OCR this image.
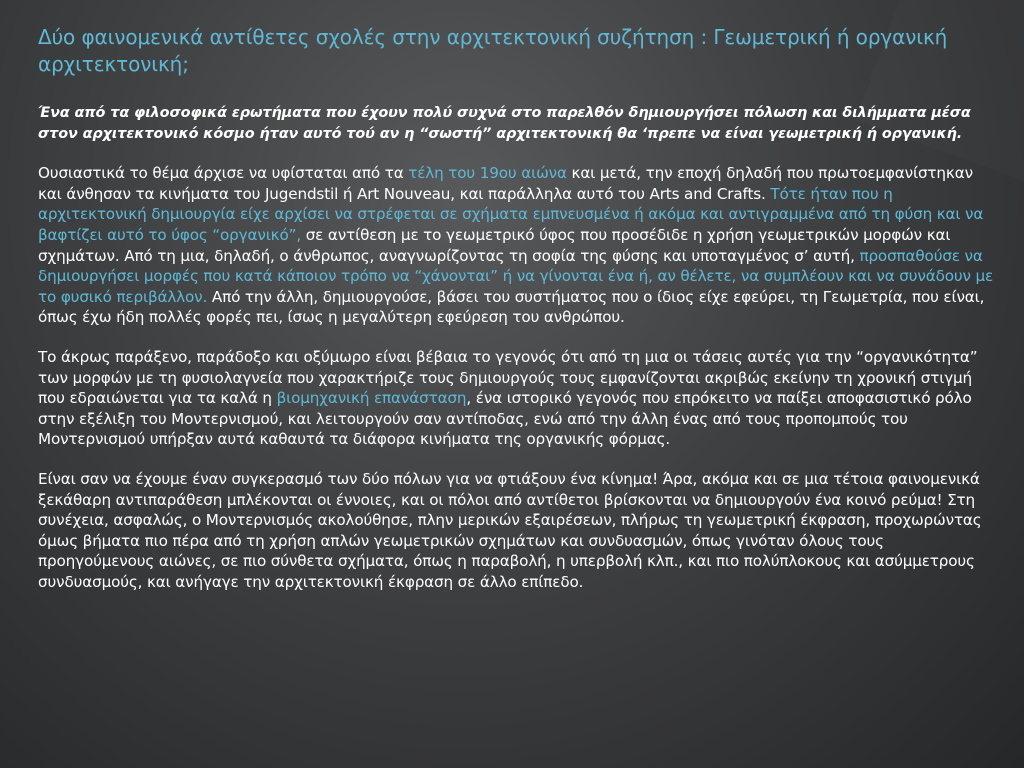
Δύο φαινομενικά αντίθετες σχολές στην αρχιτεκτονική συζήτηση : Γεωμετρική ή οργανική αρχιτεκτονική;

Ένα από τα φιλοσοφικά ερωτήματα που έχουν πολύ συχνά στο παρελθόν δημιουργήσει πόλωση και διλήμματα μέσα στον αρχιτεκτονικό κόσμο ήταν αυτό τού αν η “σωστή” αρχιτεκτονική θα ‘πρεπε να είναι γεωμετρική ή οργανική.

Ουσιαστικά το θέμα άρχισε να υφίσταται από τα τέλη του 19ου αιώνα και μετά, την εποχή δηλαδή που πρωτοεμφανίστηκαν και άνθησαν τα κινήματα του Jugendstil ή Art Nouveau, και παράλληλα αυτό του Arts and Crafts. Τότε ήταν που η αρχιτεκτονική δημιουργία είχε αρχίσει να στρέφεται σε σχήματα εμπνευσμένα ή ακόμα και αντιγραμμένα από τη φύση και να βαφτίζει αυτό το ύφος “οργανικό”, σε αντίθεση με το γεωμετρικό ύφος που προσέδιδε η χρήση γεωμετρικών μορφών και σχημάτων. Από τη μια, δηλαδή, ο άνθρωπος, αναγνωρίζοντας τη σοφία της φύσης και υποταγμένος σ’ αυτή, προσπαθούσε να δημιουργήσει μορφές που κατά κάποιον τρόπο να “χάνονται” ή να γίνονται ένα ή, αν θέλετε, να συμπλέουν και να συνάδουν με το φυσικό περιβάλλον. Από την άλλη, δημιουργούσε, βάσει του συστήματος που ο ίδιος είχε εφεύρει, τη Γεωμετρία, που είναι, όπως έχω ήδη πολλές φορές πει, ίσως η μεγαλύτερη εφεύρεση του ανθρώπου.

Το άκρως παράξενο, παράδοξο και οξύμωρο είναι βέβαια το γεγονός ότι από τη μια οι τάσεις αυτές για την “οργανικότητα” των μορφών με τη φυσιολαγνεία που χαρακτήριζε τους δημιουργούς τους εμφανίζονται ακριβώς εκείνην τη χρονική στιγμή που εδραιώνεται για τα καλά η βιομηχανική επανάσταση, ένα ιστορικό γεγονός που επρόκειτο να παίξει αποφασιστικό ρόλο στην εξέλιξη του Μοντερνισμού, και λειτουργούν σαν αντίποδας, ενώ από την άλλη ένας από τους προπομπούς του Μοντερνισμού υπήρξαν αυτά καθαυτά τα διάφορα κινήματα της οργανικής φόρμας.

Είναι σαν να έχουμε έναν συγκερασμό των δύο πόλων για να φτιάξουν ένα κίνημα! Άρα, ακόμα και σε μια τέτοια φαινομενικά ξεκάθαρη αντιπαράθεση μπλέκονται οι έννοιες, και οι πόλοι από αντίθετοι βρίσκονται να δημιουργούν ένα κοινό ρεύμα! Στη συνέχεια, ασφαλώς, ο Μοντερνισμός ακολούθησε, πλην μερικών εξαιρέσεων, πλήρως τη γεωμετρική έκφραση, προχωρώντας όμως βήματα πιο πέρα από τη χρήση απλών γεωμετρικών σχημάτων και συνδυασμών, όπως γινόταν όλους τους προηγούμενους αιώνες, σε πιο σύνθετα σχήματα, όπως η παραβολή, η υπερβολή κλπ., και πιο πολύπλοκους και ασύμμετρους συνδυασμούς, και ανήγαγε την αρχιτεκτονική έκφραση σε άλλο επίπεδο.
